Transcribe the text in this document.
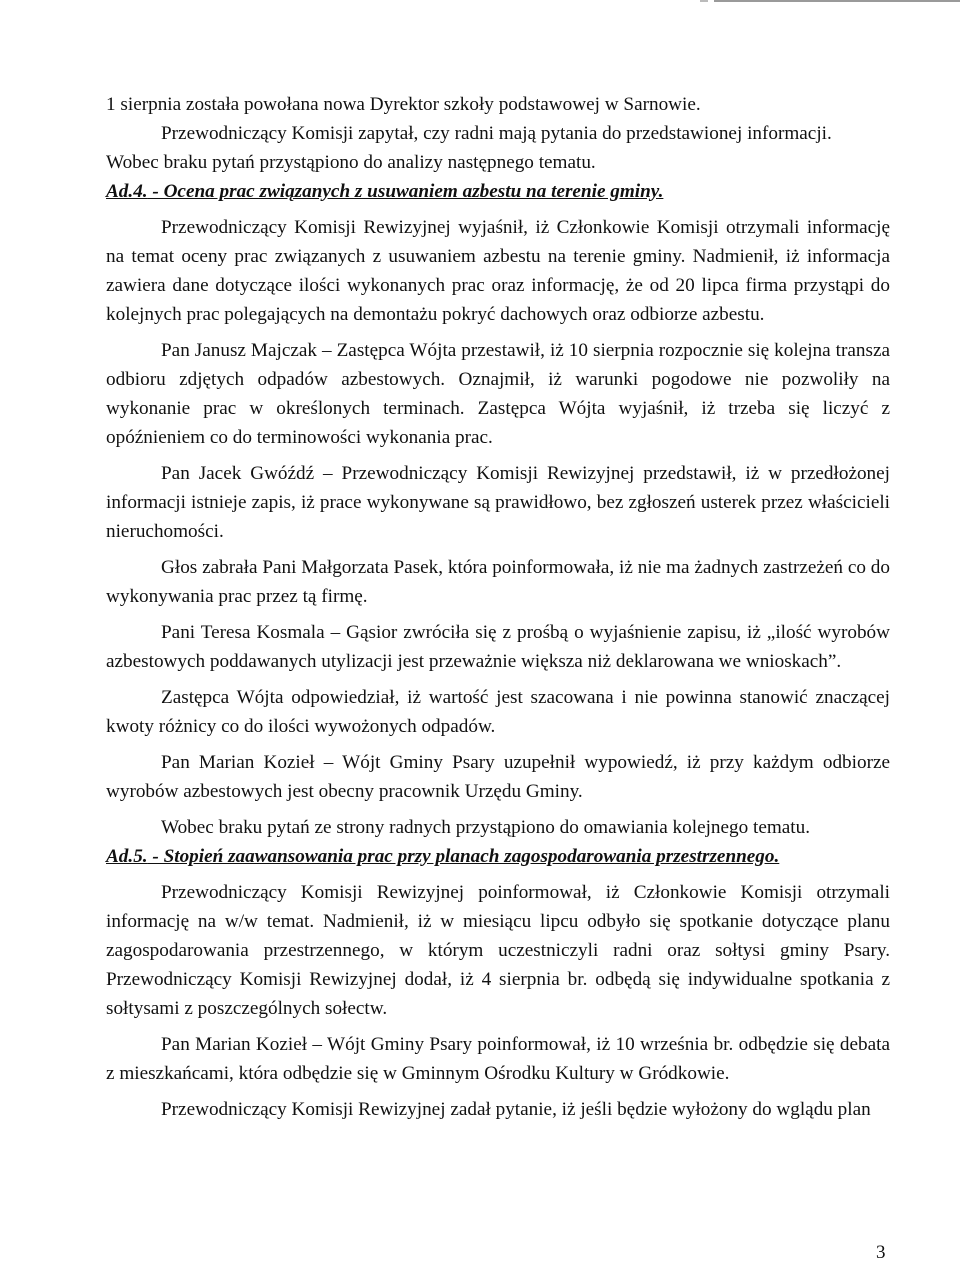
1 sierpnia została powołana nowa Dyrektor szkoły podstawowej w Sarnowie.

Przewodniczący Komisji zapytał, czy radni mają pytania do przedstawionej informacji.

Wobec braku pytań przystąpiono do analizy następnego tematu.

Ad.4. - Ocena prac związanych z usuwaniem azbestu na terenie gminy.

Przewodniczący Komisji Rewizyjnej wyjaśnił, iż Członkowie Komisji otrzymali informację na temat oceny prac związanych z usuwaniem azbestu na terenie gminy. Nadmienił, iż informacja zawiera dane dotyczące ilości wykonanych prac oraz informację, że od 20 lipca firma przystąpi do kolejnych prac polegających na demontażu pokryć dachowych oraz odbiorze azbestu.

Pan Janusz Majczak – Zastępca Wójta przestawił, iż 10 sierpnia rozpocznie się kolejna transza odbioru zdjętych odpadów azbestowych. Oznajmił, iż warunki pogodowe nie pozwoliły na wykonanie prac w określonych terminach. Zastępca Wójta wyjaśnił, iż trzeba się liczyć z opóźnieniem co do terminowości wykonania prac.

Pan Jacek Gwóźdź – Przewodniczący Komisji Rewizyjnej przedstawił, iż w przedłożonej informacji istnieje zapis, iż prace wykonywane są prawidłowo, bez zgłoszeń usterek przez właścicieli nieruchomości.

Głos zabrała Pani Małgorzata Pasek, która poinformowała, iż nie ma żadnych zastrzeżeń co do wykonywania prac przez tą firmę.

Pani Teresa Kosmala – Gąsior zwróciła się z prośbą o wyjaśnienie zapisu, iż „ilość wyrobów azbestowych poddawanych utylizacji jest przeważnie większa niż deklarowana we wnioskach”.

Zastępca Wójta odpowiedział, iż wartość jest szacowana i nie powinna stanowić znaczącej kwoty różnicy co do ilości wywożonych odpadów.

Pan Marian Kozieł – Wójt Gminy Psary uzupełnił wypowiedź, iż przy każdym odbiorze wyrobów azbestowych jest obecny pracownik Urzędu Gminy.

Wobec braku pytań ze strony radnych przystąpiono do omawiania kolejnego tematu.

Ad.5. - Stopień zaawansowania prac przy planach zagospodarowania przestrzennego.

Przewodniczący Komisji Rewizyjnej poinformował, iż Członkowie Komisji otrzymali informację na w/w temat. Nadmienił, iż w miesiącu lipcu odbyło się spotkanie dotyczące planu zagospodarowania przestrzennego, w którym uczestniczyli radni oraz sołtysi gminy Psary. Przewodniczący Komisji Rewizyjnej dodał, iż 4 sierpnia br. odbędą się indywidualne spotkania z sołtysami z poszczególnych sołectw.

Pan Marian Kozieł – Wójt Gminy Psary poinformował, iż 10 września br. odbędzie się debata z mieszkańcami, która odbędzie się w Gminnym Ośrodku Kultury w Gródkowie.

Przewodniczący Komisji Rewizyjnej zadał pytanie, iż jeśli będzie wyłożony do wglądu plan

3
